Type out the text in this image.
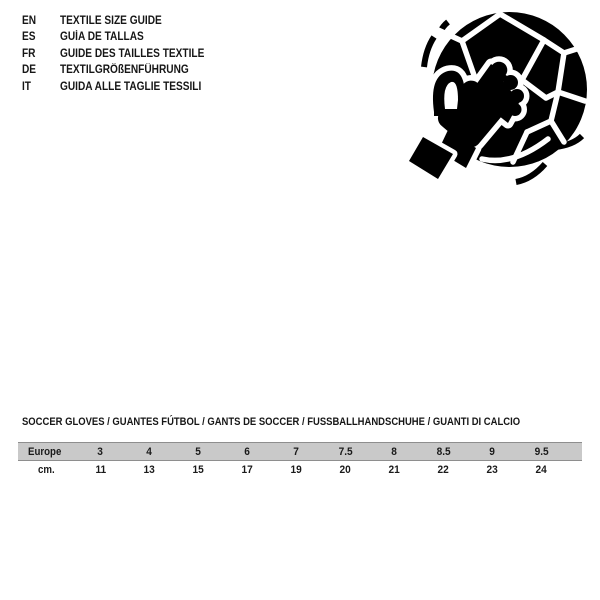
EN	TEXTILE SIZE GUIDE
ES	GUÍA DE TALLAS
FR	GUIDE DES TAILLES TEXTILE
DE	TEXTILGRÖßENFÜHRUNG
IT	GUIDA ALLE TAGLIE TESSILI
SOCCER GLOVES / GUANTES FÚTBOL / GANTS DE SOCCER / FUSSBALLHANDSCHUHE / GUANTI DI CALCIO
Europe	3	4	5	6	7	7.5	8	8.5	9	9.5	
cm.	11	13	15	17	19	20	21	22	23	24	
